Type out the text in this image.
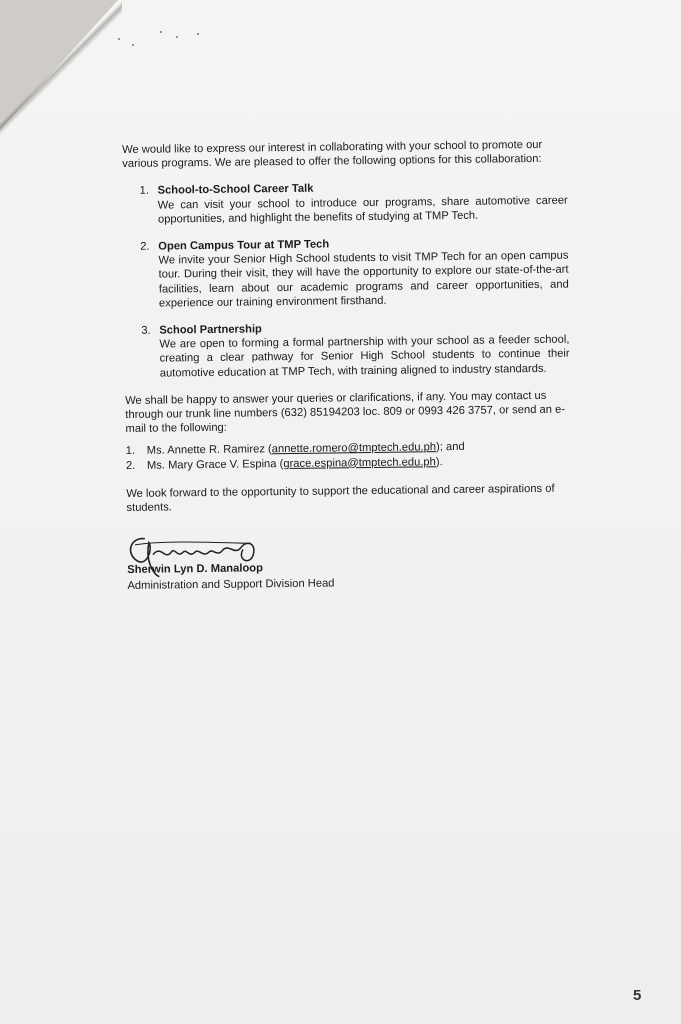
We would like to express our interest in collaborating with your school to promote our various programs. We are pleased to offer the following options for this collaboration:

1. School-to-School Career Talk
We can visit your school to introduce our programs, share automotive career opportunities, and highlight the benefits of studying at TMP Tech.
2. Open Campus Tour at TMP Tech
We invite your Senior High School students to visit TMP Tech for an open campus tour. During their visit, they will have the opportunity to explore our state-of-the-art facilities, learn about our academic programs and career opportunities, and experience our training environment firsthand.
3. School Partnership
We are open to forming a formal partnership with your school as a feeder school, creating a clear pathway for Senior High School students to continue their automotive education at TMP Tech, with training aligned to industry standards.

We shall be happy to answer your queries or clarifications, if any. You may contact us through our trunk line numbers (632) 85194203 loc. 809 or 0993 426 3757, or send an e-mail to the following:

1. Ms. Annette R. Ramirez (annette.romero@tmptech.edu.ph); and
2. Ms. Mary Grace V. Espina (grace.espina@tmptech.edu.ph).

We look forward to the opportunity to support the educational and career aspirations of students.

Sherwin Lyn D. Manaloop
Administration and Support Division Head
5
